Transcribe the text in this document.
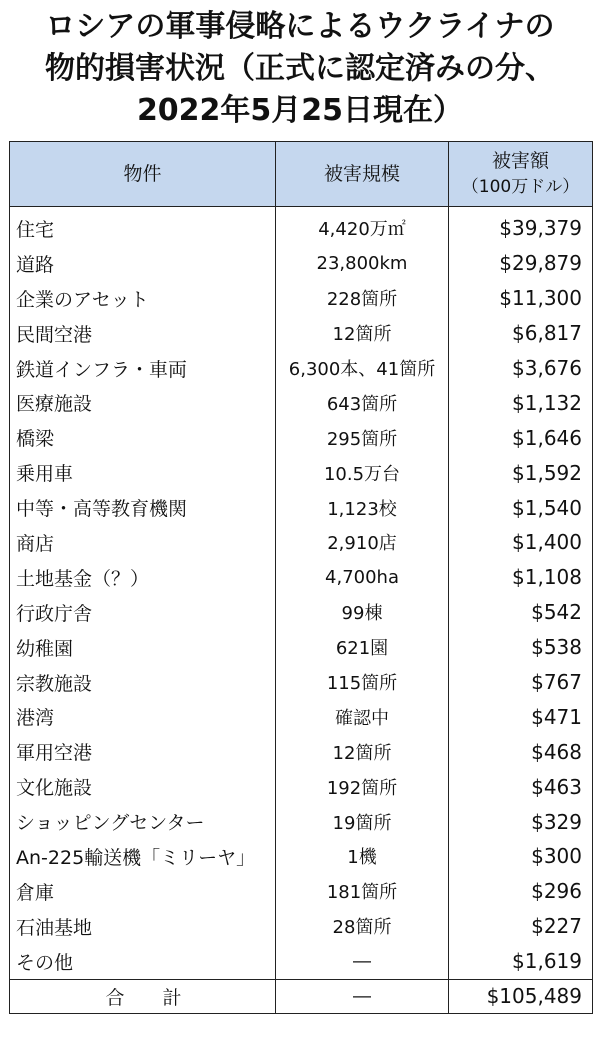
ロシアの軍事侵略によるウクライナの
物的損害状況（正式に認定済みの分、
2022年5月25日現在）
物件	被害規模	被害額
（100万ドル）

住宅	4,420万㎡	$39,379
道路	23,800km	$29,879
企業のアセット	228箇所	$11,300
民間空港	12箇所	$6,817
鉄道インフラ・車両	6,300本、41箇所	$3,676
医療施設	643箇所	$1,132
橋梁	295箇所	$1,646
乗用車	10.5万台	$1,592
中等・高等教育機関	1,123校	$1,540
商店	2,910店	$1,400
土地基金（？）	4,700ha	$1,108
行政庁舎	99棟	$542
幼稚園	621園	$538
宗教施設	115箇所	$767
港湾	確認中	$471
軍用空港	12箇所	$468
文化施設	192箇所	$463
ショッピングセンター	19箇所	$329
An-225輸送機「ミリーヤ」	1機	$300
倉庫	181箇所	$296
石油基地	28箇所	$227
その他	―	$1,619
合　　計	―	$105,489
